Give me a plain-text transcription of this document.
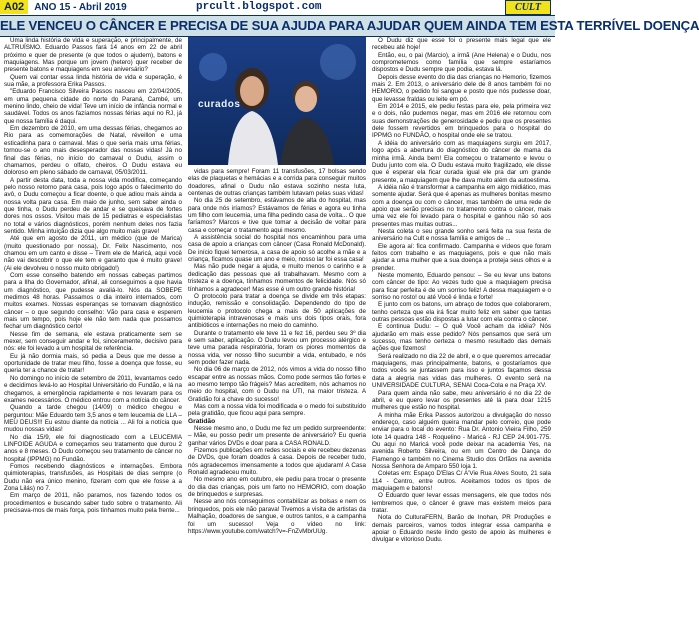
A02	ANO 15 - Abril 2019	prcult.blogspot.com	CULT
ELE VENCEU O CÂNCER E PRECISA DE SUA AJUDA PARA AJUDAR QUEM AINDA TEM ESTA TERRÍVEL DOENÇA

Uma linda história de vida e superação, e principalmente, de ALTRUÍSMO. Eduardo Passos fará 14 anos em 22 de abril próximo e quer de presente (e que todos o ajudem), batons e maquiagens. Mas porque um jovem (hetero) quer receber de presente batons e maquiagens em seu aniversário?

Quem vai contar essa linda história de vida e superação, é sua mãe, a professora Erika Passos.

"Eduardo Francisco Silveira Passos nasceu em 22/04/2005, em uma pequena cidade do norte do Paraná, Cambé, um menino lindo, cheio de vida! Teve um início de infância normal e saudável. Todos os anos fazíamos nossas férias aqui no RJ, já que nossa família é daqui.

Em dezembro de 2010, em uma dessas férias, chegamos ao Rio para as comemorações de Natal, réveillon e uma esticadinha para o carnaval. Mas o que seria mais uma férias, tornou-se o ano mais desesperador das nossas vidas! Já no final das férias, no início do carnaval o Dudu, assim o chamamos, perdeu o olfato, cheiros. O Dudu estava eu doloroso em pleno sábado de carnaval, 05/03/2011.

A partir desta data, toda a nossa vida modifica, começando pelo nosso retorno para casa, pois logo após o falecimento do avô, o Dudu começou a ficar doente, o que adiou mais ainda a nossa volta para casa. Em maio de junho, sem saber ainda o que tinha, o Dudu perdeu de andar e se queixava de fortes dores nos ossos. Visitou mais de 15 pediatras e especialistas no total e vários diagnósticos, porém nenhum deles nos fazia sentido. Minha intuição dizia que algo muito mais grave!

Até que em agosto de 2011, um médico (que de Marica) (muito questionado por nossa), Dr. Felix Nascimento, nos chamou em um canto e disse – Tirem ele de Maricá, aqui você não vai descobrir o que ele tem e garanto que é muito grave! (Ai ele devolveu o nosso muito obrigado!)

Com esse conselho batendo em nossas cabeças partimos para a Ilha do Governador, afinal, ali conseguimos a que havia um diagnóstico, que pudesse avaliá-lo. Nós da SOBEPE medimos 48 horas. Passamos o dia inteiro internados, com muitos exames. Nossas esperanças se tornavam diagnóstico câncer – o que segundo conselho: Vão para casa e esperem mais um tempo, pois hoje ele não tem nada que possamos fechar um diagnóstico certo!

Nesse fim de semana, ele estava praticamente sem se mexer, sem conseguir andar e foi, sinceramente, decisivo para nós: ele foi levado a um hospital de referência.

Eu já não dormia mais, só pedia a Deus que me desse a oportunidade de tratar meu filho, fosse a doença que fosse, eu queria ter a chance de tratar!

No domingo no início de setembro de 2011, levantamos cedo e decidimos levá-lo ao Hospital Universitário do Fundão, e lá na chegamos, a emergência rapidamente e nos levaram para os exames necessários. O médico entrou com a notícia do câncer.

Quando a tarde chegou (14/09) o médico chegou e perguntou: Mãe Eduardo tem 3,5 anos e tem leucemia de LLA – MEU DEUS!!! Eu estou diante da notícia ... Ali foi a notícia que mudou nossas vidas!

No dia 15/9, ele foi diagnosticado com a LEUCEMIA LINFOIDE AGUDA e começamos seu tratamento que durou 2 anos e 8 meses. O Dudu começou seu tratamento de câncer no hospital (IPPMG) no Fundão.

Fomos recebendo diagnósticos e internações. Embora quimioterapias, transfusões, as Hospitais de dias sempre (o Dudu não era único menino, fizeram com que ele fosse a a Zona Lilás) no 7.

Em março de 2011, não paramos, nos fazendo todos os procedimentos e buscando saber tudo sobre o tratamento. Ali precisava-mos de mais força, pois tínhamos muito pela frente...

curados

vidas para sempre! Foram 11 transfusões, 17 bolsas sendo elas de plaquetas e hemácias e a corrida para conseguir muitos doadores, afinal o Dudu não estava sozinho nesta luta, centenas de outras crianças também lutavam pelas suas vidas!

No dia 25 de setembro, estávamos de alta do hospital, mas para onde nós iríamos? Estávamos de férias e agora eu tinha um filho com leucemia, uma filha pedindo casa de volta... O que faríamos? Marcos e tive que tomar a decisão de voltar para casa e começar o tratamento aqui mesmo.

A assistência social do hospital nos encaminhou para uma casa de apoio a crianças com câncer (Casa Ronald McDonald). De início fiquei temerosa, a casa de apoio só acolhe a mãe e a criança, ficamos quase um ano e meio, nosso lar foi essa casa!

Mas não pude negar a ajuda, e muito menos o carinho e a dedicação das pessoas que ali trabalhavam. Mesmo com a tristeza e a doença, tínhamos momentos de felicidade. Nós só tínhamos a agradecer! Mas esse é um outro grande história!

O protocolo para tratar a doença se divide em três etapas: indução, remissão e consolidação. Dependendo do tipo de leucemia o protocolo chega a mais de 50 aplicações de quimioterapia intravenosas e mais uns dois tipos orais, fora antibióticos e internações no meio do caminho.

Durante o tratamento ele teve 11 e fez 16, perdeu seu 3º dia e sem saber, aplicação. O Dudu levou um processo alérgico e teve uma parada respiratória, foram os piores momentos da nossa vida, ver nosso filho sucumbir a vida, entubado, e nós sem poder fazer nada.

No dia 06 de março de 2012, nós vimos a vida do nosso filho escapar entre as nossas mãos. Como pode sermos tão fortes e ao mesmo tempo tão frágeis? Mas acreditem, nós achamos no meio do hospital, com o Dudu na UTI, na maior tristeza. A Gratidão foi a chave do sucesso!

Mas com a nossa vida foi modificada e o medo foi substituído pela gratidão, que ficou aqui para sempre.

Gratidão

Nesse mesmo ano, o Dudu me fez um pedido surpreendente: – Mãe, eu posso pedir um presente de aniversário? Eu queria ganhar vários DVDs e doar para a CASA RONALD.

Fizemos publicações em redes sociais e ele recebeu dezenas de DVDs, que foram doados à casa. Depois de receber tudo, nós agradecemos imensamente a todos que ajudaram! A Casa Ronald agradeceu muito.

No mesmo ano em outubro, ele pediu para trocar o presente do dia das crianças, pois um farto no HEMORIO, com doação de brinquedos e surpresas.

Nesse ano nós conseguimos contabilizar as bolsas e nem os brinquedos, pois ele não parava! Tivemos a visita de artistas da Malhação, doadores de sangue, e outros tantos, e a campanha foi um sucesso! Veja o vídeo no link: https://www.youtube.com/watch?v=-FnZvMbrUUg.

O Dudu diz que esse foi o presente mais legal que ele recebeu até hoje!

Então, eu, o pai (Marcio), a irmã (Ane Helena) e o Dudu, nos comprometemos como família que sempre estaríamos dispostos e Dudu sempre que podia, estava lá.

Depois desse evento do dia das crianças no Hemorio, fizemos mais 2. Em 2013, o aniversário dele de 8 anos também foi no HEMORIO, o pedido foi sangue e posto que nós pudesse doar, que levasse fraldas ou leite em pó.

Em 2014 e 2015, ele pediu festas para ele, pela primeira vez e o dois, não pudemos negar, mas em 2016 ele retornou com suas demonstrações de generosidade e pediu que os presentes dele fossem revertidos em brinquedos para o hospital do IPPMG no FUNDÃO, o hospital onde ele se tratou.

A idéia do aniversário com as maquiagens surgiu em 2017, logo após a abertura do diagnóstico do câncer de mama da minha irmã. Ainda bem! Ela começou o tratamento e levou o Dudu junto com ela. O Dudu estava muito fragilizado, ele disse que é esperar ela ficar curada igual ele pra dar um grande presente, a maquiagem que lhe dava muito além da autoestima.

A idéia não é transformar a campanha em algo midiático, mas somente ajudar. Será que é apenas as mulheres bonitas mesmo com a doença ou com o câncer, mas também de uma rede de apoio que serão precisas no tratamento contra o câncer, mais uma vez ele foi levado para o hospital e ganhou não só aos presentes mas muitas outras...

Nesta coleta o seu grande sonho será feita na sua festa de aniversário na Cult e nossa família e amigos de ...

Ele agora aí: fica confirmado. Campanha e vídeos que foram feitos com trabalho e as maquiagens, pois e que não mais ajudar a uma mulher que a sua doença a proteja seus olhos e a prender.

Neste momento, Eduardo pensou: – Se eu levar uns batons com câncer de tipo: Ao vezes tudo que a maquiagem precisa para ficar perfeita é de um sorriso feliz! A dessa maquiagem e o sorriso no rosto! ou até Você é linda e forte!

E junto com os batons, um abraço de todos que colaborarem, tenho certeza que ela irá ficar muito feliz em saber que tantas outras pessoas estão dispostas a lutar com ela contra o câncer.

E continua Dudu: – O quê Você acham da idéia? Nós ajudarão em mais esse pedido? Nós pensamos que será um sucesso, mas tenho certeza o mesmo resultado das demais ações que fizemos!

Será realizado no dia 22 de abril, e o que queremos arrecadar maquiagens, mas principalmente, batons, e gostaríamos que todos vocês se juntassem para isso e juntos façamos dessa data a alegria nas vidas das mulheres. O evento será na UNIVERSIDADE CULTURA, SENAI Coca-Cola e na Praça XV.

Para quem ainda não sabe, meu aniversário é no dia 22 de abril, e eu quero levar os presentes até lá para doar 1215 mulheres que estão no hospital.

A minha mãe Erika Passos autorizou a divulgação do nosso endereço, caso alguém queira mandar pelo correio, que pode enviar para o local do evento: Rua Dr. Antonio Vieira Filho, 259 lote 14 quadra 148 - Roquelino - Maricá - RJ CEP 24.901-775. Ou aqui no Maricá você pode deixar na academia Yes, na avenida Roberto Silveira, ou em um Centro de Dança do Flamengo e também no Cinema Studio dos Orfãos na avenida Nossa Senhora de Amparo 550 loja 1.

Coletas em: Espaço D'Elas C/ A'Vie Rua Alves Souto, 21 sala 114 - Centro, entre outros. Aceitamos todos os tipos de maquiagem e batons!

O Eduardo quer levar essas mensagens, ele que todos nós lembremos que, o câncer é grave mas existem meios para tratar.

Nota do CulturaFERN, Barão de Inohan, PR Produções e demais parceiros, vamos todos integrar essa campanha e apoiar o Eduardo neste lindo gesto de apoio às mulheres e divulgar e vitorioso Dudu.
